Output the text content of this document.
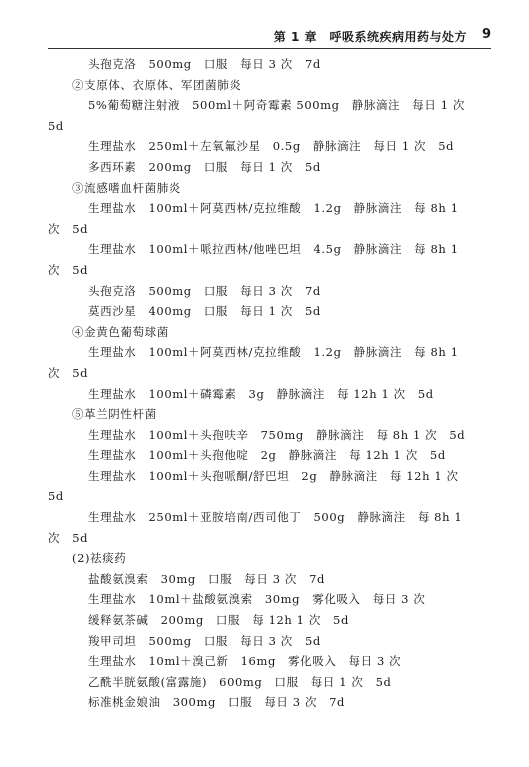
第 1 章　呼吸系统疾病用药与处方 9
头孢克洛　500mg　口服　每日 3 次　7d
②支原体、衣原体、军团菌肺炎
5%葡萄糖注射液　500ml＋阿奇霉素 500mg　静脉滴注　每日 1 次
5d
生理盐水　250ml＋左氧氟沙星　0.5g　静脉滴注　每日 1 次　5d
多西环素　200mg　口服　每日 1 次　5d
③流感嗜血杆菌肺炎
生理盐水　100ml＋阿莫西林/克拉维酸　1.2g　静脉滴注　每 8h 1
次　5d
生理盐水　100ml＋哌拉西林/他唑巴坦　4.5g　静脉滴注　每 8h 1
次　5d
头孢克洛　500mg　口服　每日 3 次　7d
莫西沙星　400mg　口服　每日 1 次　5d
④金黄色葡萄球菌
生理盐水　100ml＋阿莫西林/克拉维酸　1.2g　静脉滴注　每 8h 1
次　5d
生理盐水　100ml＋磷霉素　3g　静脉滴注　每 12h 1 次　5d
⑤革兰阴性杆菌
生理盐水　100ml＋头孢呋辛　750mg　静脉滴注　每 8h 1 次　5d
生理盐水　100ml＋头孢他啶　2g　静脉滴注　每 12h 1 次　5d
生理盐水　100ml＋头孢哌酮/舒巴坦　2g　静脉滴注　每 12h 1 次
5d
生理盐水　250ml＋亚胺培南/西司他丁　500g　静脉滴注　每 8h 1
次　5d
(2)祛痰药
盐酸氨溴索　30mg　口服　每日 3 次　7d
生理盐水　10ml＋盐酸氨溴索　30mg　雾化吸入　每日 3 次
缓释氨茶碱　200mg　口服　每 12h 1 次　5d
羧甲司坦　500mg　口服　每日 3 次　5d
生理盐水　10ml＋溴己新　16mg　雾化吸入　每日 3 次
乙酰半胱氨酸(富露施)　600mg　口服　每日 1 次　5d
标准桃金娘油　300mg　口服　每日 3 次　7d
